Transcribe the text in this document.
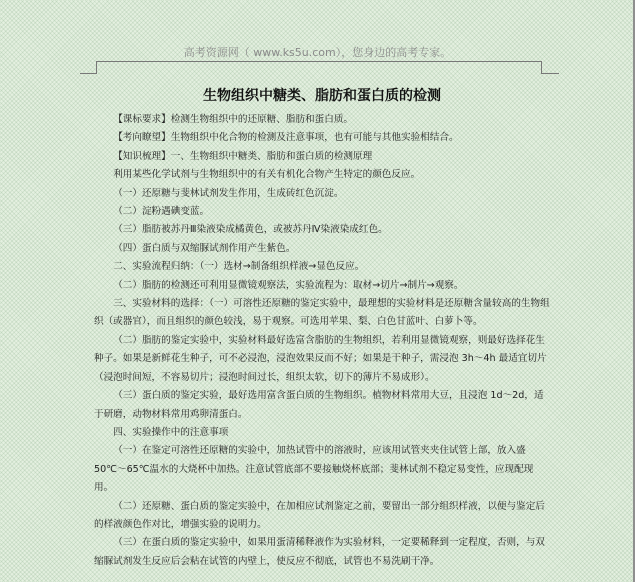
高考资源网（ www.ks5u.com），您身边的高考专家。
生物组织中糖类、脂肪和蛋白质的检测

【课标要求】检测生物组织中的还原糖、脂肪和蛋白质。

【考向瞭望】生物组织中化合物的检测及注意事项，也有可能与其他实验相结合。

【知识梳理】一、生物组织中糖类、脂肪和蛋白质的检测原理

利用某些化学试剂与生物组织中的有关有机化合物产生特定的颜色反应。

（一）还原糖与斐林试剂发生作用，生成砖红色沉淀。

（二）淀粉遇碘变蓝。

（三）脂肪被苏丹Ⅲ染液染成橘黄色，或被苏丹Ⅳ染液染成红色。

（四）蛋白质与双缩脲试剂作用产生紫色。

二、实验流程归纳：（一）选材→制备组织样液→显色反应。

（二）脂肪的检测还可利用显微镜观察法，实验流程为：取材→切片→制片→观察。

三、实验材料的选择：（一）可溶性还原糖的鉴定实验中，最理想的实验材料是还原糖含量较高的生物组织（或器官），而且组织的颜色较浅，易于观察。可选用苹果、梨、白色甘蓝叶、白萝卜等。

（二）脂肪的鉴定实验中，实验材料最好选富含脂肪的生物组织，若利用显微镜观察，则最好选择花生种子。如果是新鲜花生种子，可不必浸泡，浸泡效果反而不好；如果是干种子，需浸泡 3h～4h 最适宜切片（浸泡时间短，不容易切片；浸泡时间过长，组织太软，切下的薄片不易成形）。

（三）蛋白质的鉴定实验，最好选用富含蛋白质的生物组织。植物材料常用大豆，且浸泡 1d～2d，适于研磨，动物材料常用鸡卵清蛋白。

四、实验操作中的注意事项

（一）在鉴定可溶性还原糖的实验中，加热试管中的溶液时，应该用试管夹夹住试管上部，放入盛 50℃～65℃温水的大烧杯中加热。注意试管底部不要接触烧杯底部；斐林试剂不稳定易变性，应现配现用。

（二）还原糖、蛋白质的鉴定实验中，在加相应试剂鉴定之前，要留出一部分组织样液，以便与鉴定后的样液颜色作对比，增强实验的说明力。

（三）在蛋白质的鉴定实验中，如果用蛋清稀释液作为实验材料，一定要稀释到一定程度，否则，与双缩脲试剂发生反应后会粘在试管的内壁上，使反应不彻底，试管也不易洗刷干净。
